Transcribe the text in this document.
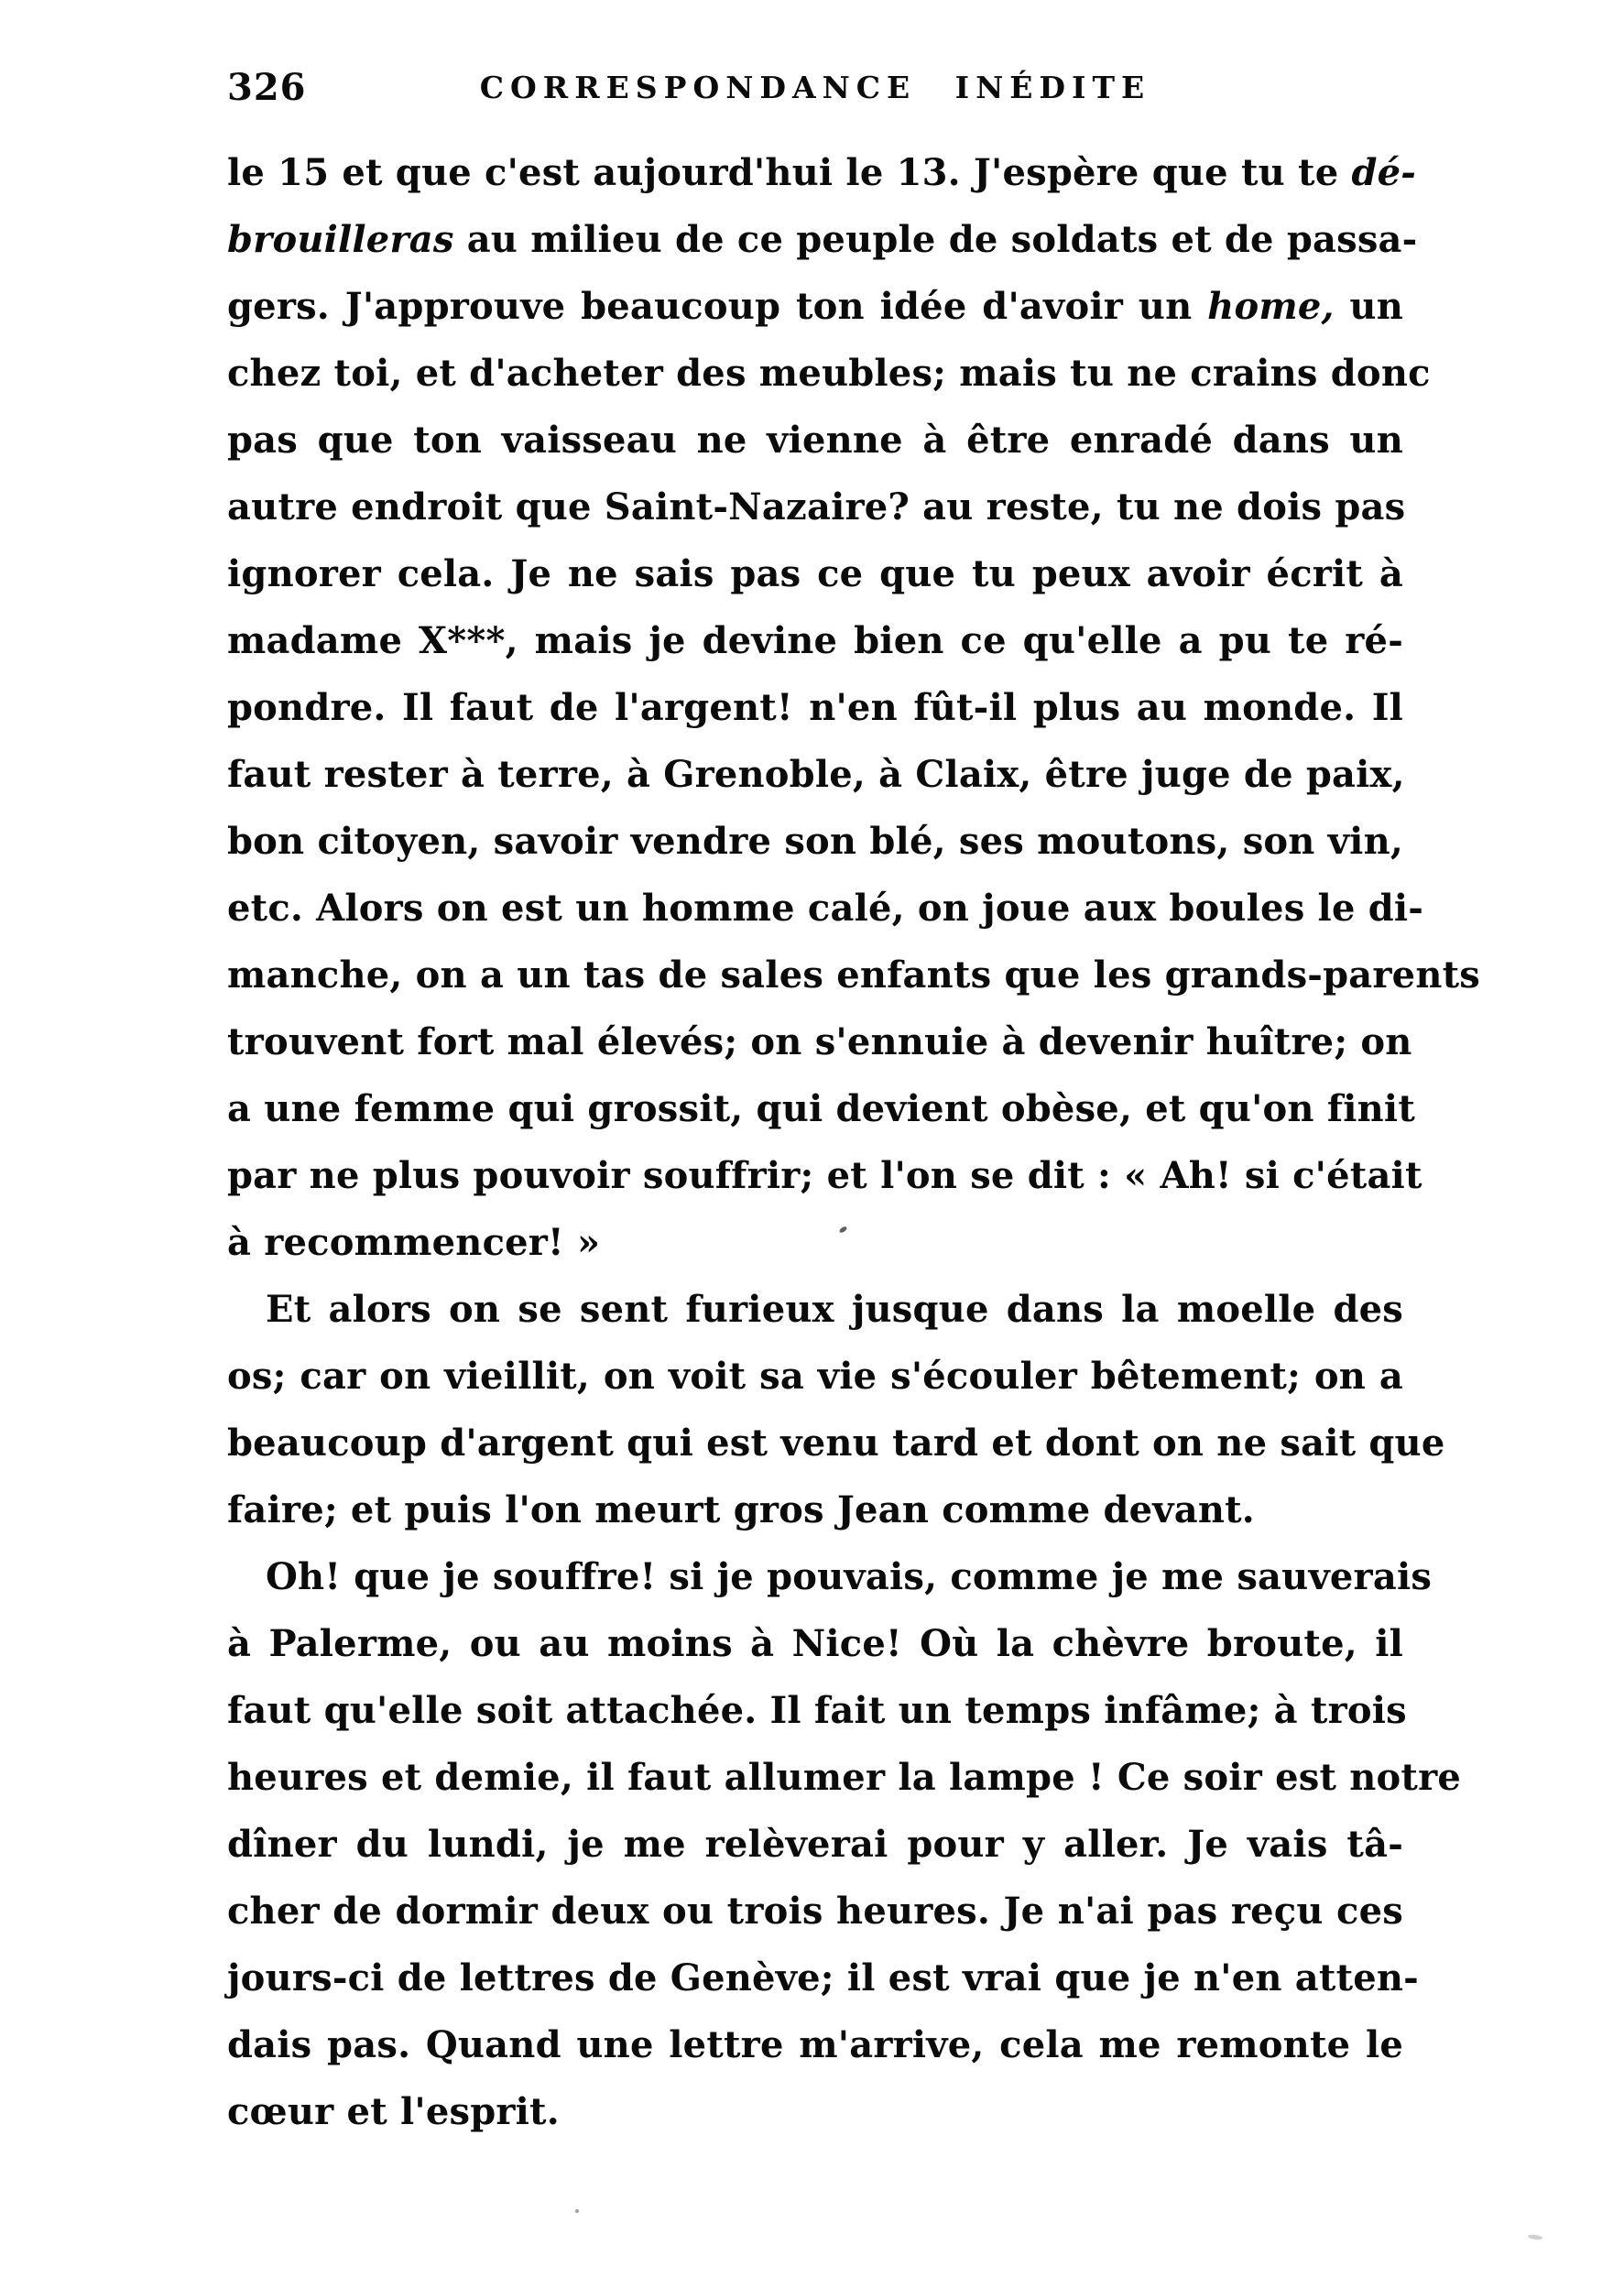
326	CORRESPONDANCE INÉDITE

le 15 et que c'est aujourd'hui le 13. J'espère que tu te dé-

brouilleras au milieu de ce peuple de soldats et de passa-

gers. J'approuve beaucoup ton idée d'avoir un home, un

chez toi, et d'acheter des meubles; mais tu ne crains donc

pas que ton vaisseau ne vienne à être enradé dans un

autre endroit que Saint-Nazaire? au reste, tu ne dois pas

ignorer cela. Je ne sais pas ce que tu peux avoir écrit à

madame X***, mais je devine bien ce qu'elle a pu te ré-

pondre. Il faut de l'argent! n'en fût-il plus au monde. Il

faut rester à terre, à Grenoble, à Claix, être juge de paix,

bon citoyen, savoir vendre son blé, ses moutons, son vin,

etc. Alors on est un homme calé, on joue aux boules le di-

manche, on a un tas de sales enfants que les grands-parents

trouvent fort mal élevés; on s'ennuie à devenir huître; on

a une femme qui grossit, qui devient obèse, et qu'on finit

par ne plus pouvoir souffrir; et l'on se dit : « Ah! si c'était

à recommencer! »

Et alors on se sent furieux jusque dans la moelle des

os; car on vieillit, on voit sa vie s'écouler bêtement; on a

beaucoup d'argent qui est venu tard et dont on ne sait que

faire; et puis l'on meurt gros Jean comme devant.

Oh! que je souffre! si je pouvais, comme je me sauverais

à Palerme, ou au moins à Nice! Où la chèvre broute, il

faut qu'elle soit attachée. Il fait un temps infâme; à trois

heures et demie, il faut allumer la lampe ! Ce soir est notre

dîner du lundi, je me relèverai pour y aller. Je vais tâ-

cher de dormir deux ou trois heures. Je n'ai pas reçu ces

jours-ci de lettres de Genève; il est vrai que je n'en atten-

dais pas. Quand une lettre m'arrive, cela me remonte le

cœur et l'esprit.
